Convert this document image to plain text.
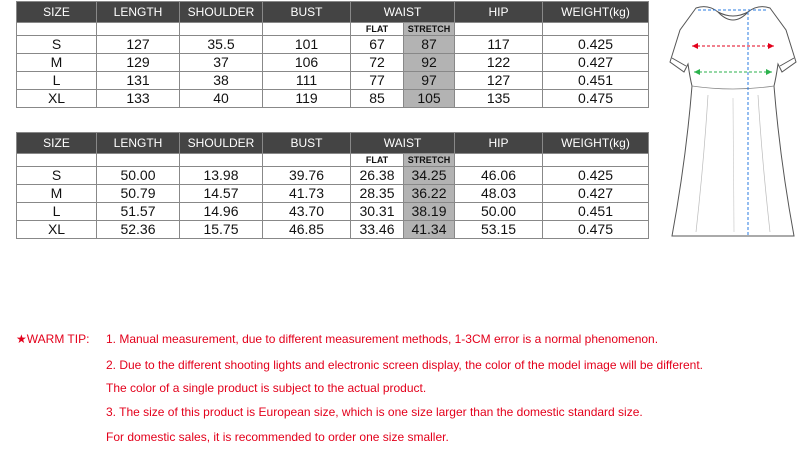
SIZE	LENGTH	SHOULDER	BUST	WAIST		HIP	WEIGHT(kg)
				FLAT	STRETCH		
S	127	35.5	101	67	87	117	0.425
M	129	37	106	72	92	122	0.427
L	131	38	111	77	97	127	0.451
XL	133	40	119	85	105	135	0.475
SIZE	LENGTH	SHOULDER	BUST	WAIST		HIP	WEIGHT(kg)
				FLAT	STRETCH		
S	50.00	13.98	39.76	26.38	34.25	46.06	0.425
M	50.79	14.57	41.73	28.35	36.22	48.03	0.427
L	51.57	14.96	43.70	30.31	38.19	50.00	0.451
XL	52.36	15.75	46.85	33.46	41.34	53.15	0.475
★WARM TIP: 1. Manual measurement, due to different measurement methods, 1-3CM error is a normal phenomenon.
2. Due to the different shooting lights and electronic screen display, the color of the model image will be different.
The color of a single product is subject to the actual product.
3. The size of this product is European size, which is one size larger than the domestic standard size.
For domestic sales, it is recommended to order one size smaller.
